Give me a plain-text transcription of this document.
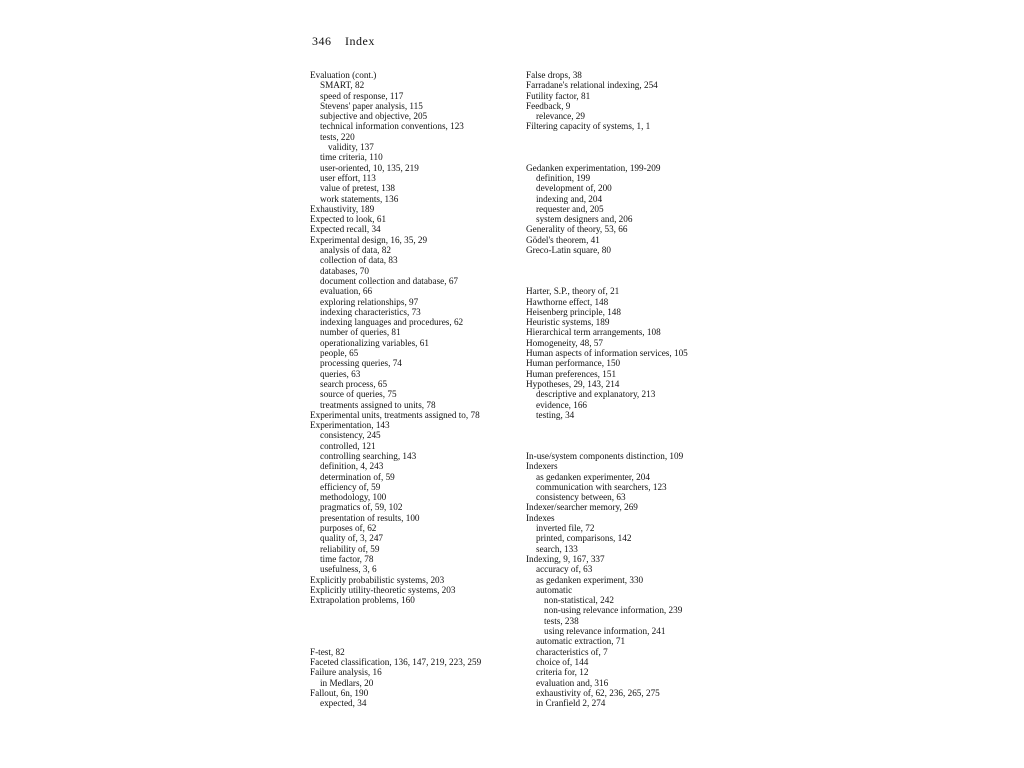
346 Index
Evaluation (cont.)
SMART, 82
speed of response, 117
Stevens' paper analysis, 115
subjective and objective, 205
technical information conventions, 123
tests, 220
validity, 137
time criteria, 110
user-oriented, 10, 135, 219
user effort, 113
value of pretest, 138
work statements, 136
Exhaustivity, 189
Expected to look, 61
Expected recall, 34
Experimental design, 16, 35, 29
analysis of data, 82
collection of data, 83
databases, 70
document collection and database, 67
evaluation, 66
exploring relationships, 97
indexing characteristics, 73
indexing languages and procedures, 62
number of queries, 81
operationalizing variables, 61
people, 65
processing queries, 74
queries, 63
search process, 65
source of queries, 75
treatments assigned to units, 78
Experimental units, treatments assigned to, 78
Experimentation, 143
consistency, 245
controlled, 121
controlling searching, 143
definition, 4, 243
determination of, 59
efficiency of, 59
methodology, 100
pragmatics of, 59, 102
presentation of results, 100
purposes of, 62
quality of, 3, 247
reliability of, 59
time factor, 78
usefulness, 3, 6
Explicitly probabilistic systems, 203
Explicitly utility-theoretic systems, 203
Extrapolation problems, 160
F-test, 82
Faceted classification, 136, 147, 219, 223, 259
Failure analysis, 16
in Medlars, 20
Fallout, 6n, 190
expected, 34
False drops, 38
Farradane's relational indexing, 254
Futility factor, 81
Feedback, 9
relevance, 29
Filtering capacity of systems, 1, 1
Gedanken experimentation, 199-209
definition, 199
development of, 200
indexing and, 204
requester and, 205
system designers and, 206
Generality of theory, 53, 66
Gödel's theorem, 41
Greco-Latin square, 80
Harter, S.P., theory of, 21
Hawthorne effect, 148
Heisenberg principle, 148
Heuristic systems, 189
Hierarchical term arrangements, 108
Homogeneity, 48, 57
Human aspects of information services, 105
Human performance, 150
Human preferences, 151
Hypotheses, 29, 143, 214
descriptive and explanatory, 213
evidence, 166
testing, 34
In-use/system components distinction, 109
Indexers
as gedanken experimenter, 204
communication with searchers, 123
consistency between, 63
Indexer/searcher memory, 269
Indexes
inverted file, 72
printed, comparisons, 142
search, 133
Indexing, 9, 167, 337
accuracy of, 63
as gedanken experiment, 330
automatic
non-statistical, 242
non-using relevance information, 239
tests, 238
using relevance information, 241
automatic extraction, 71
characteristics of, 7
choice of, 144
criteria for, 12
evaluation and, 316
exhaustivity of, 62, 236, 265, 275
in Cranfield 2, 274
